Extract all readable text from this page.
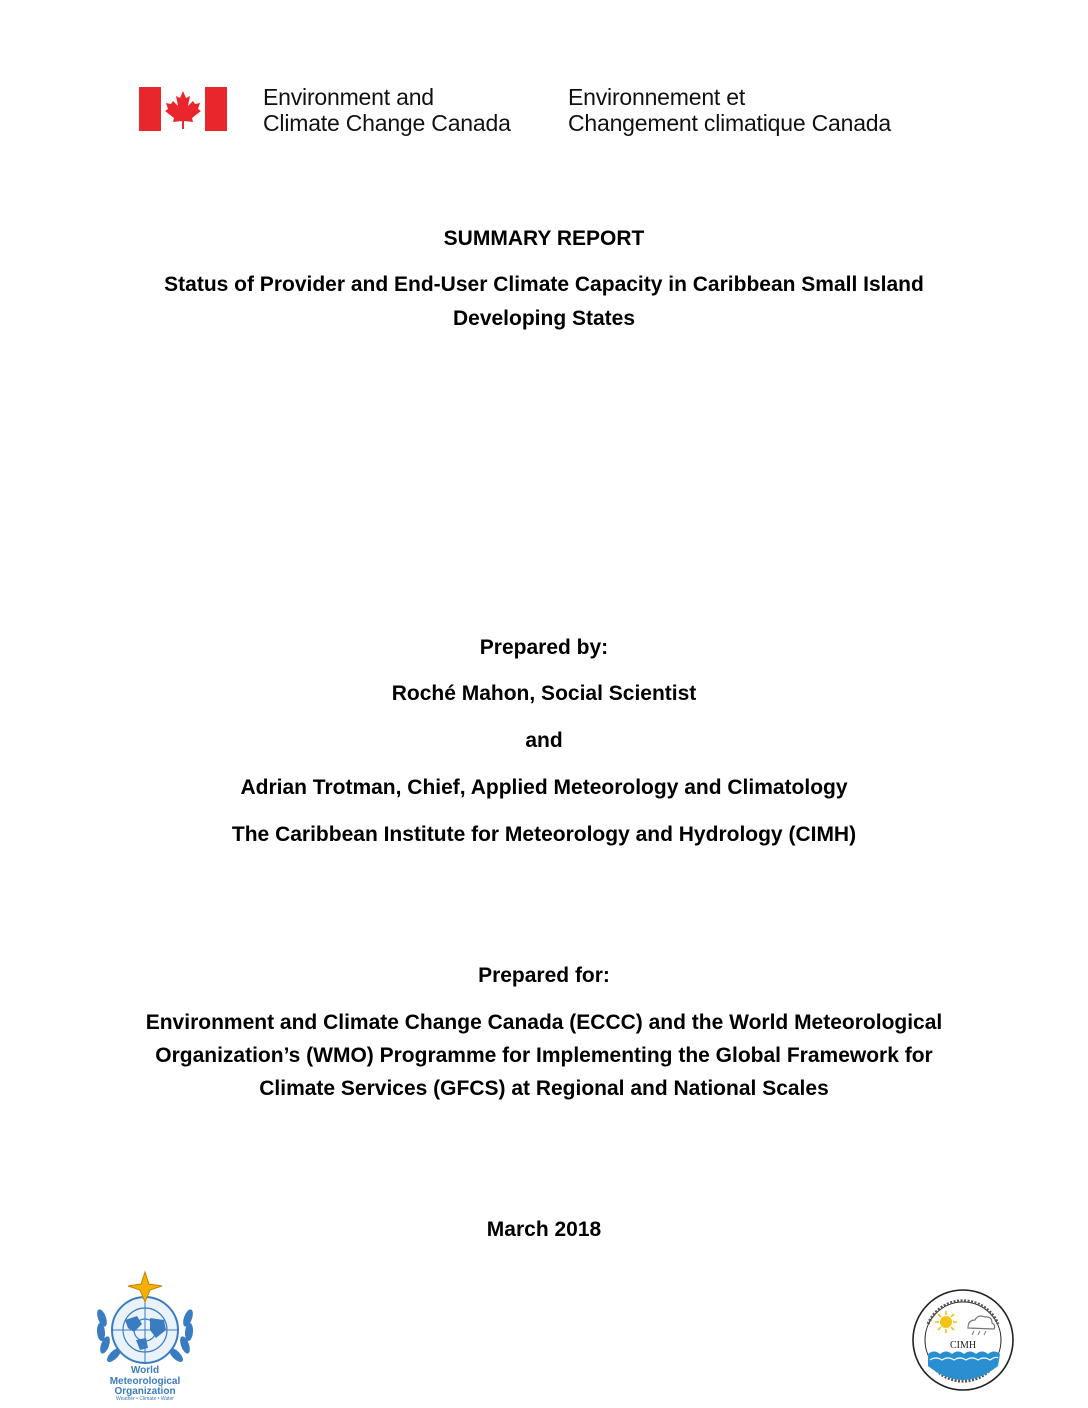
Environment and
Climate Change Canada
Environnement et
Changement climatique Canada
SUMMARY REPORT
Status of Provider and End-User Climate Capacity in Caribbean Small Island
Developing States
Prepared by:
Roché Mahon, Social Scientist
and
Adrian Trotman, Chief, Applied Meteorology and Climatology
The Caribbean Institute for Meteorology and Hydrology (CIMH)
Prepared for:
Environment and Climate Change Canada (ECCC) and the World Meteorological
Organization’s (WMO) Programme for Implementing the Global Framework for
Climate Services (GFCS) at Regional and National Scales
March 2018
World
Meteorological
Organization
Weather • Climate • Water
CIMH
